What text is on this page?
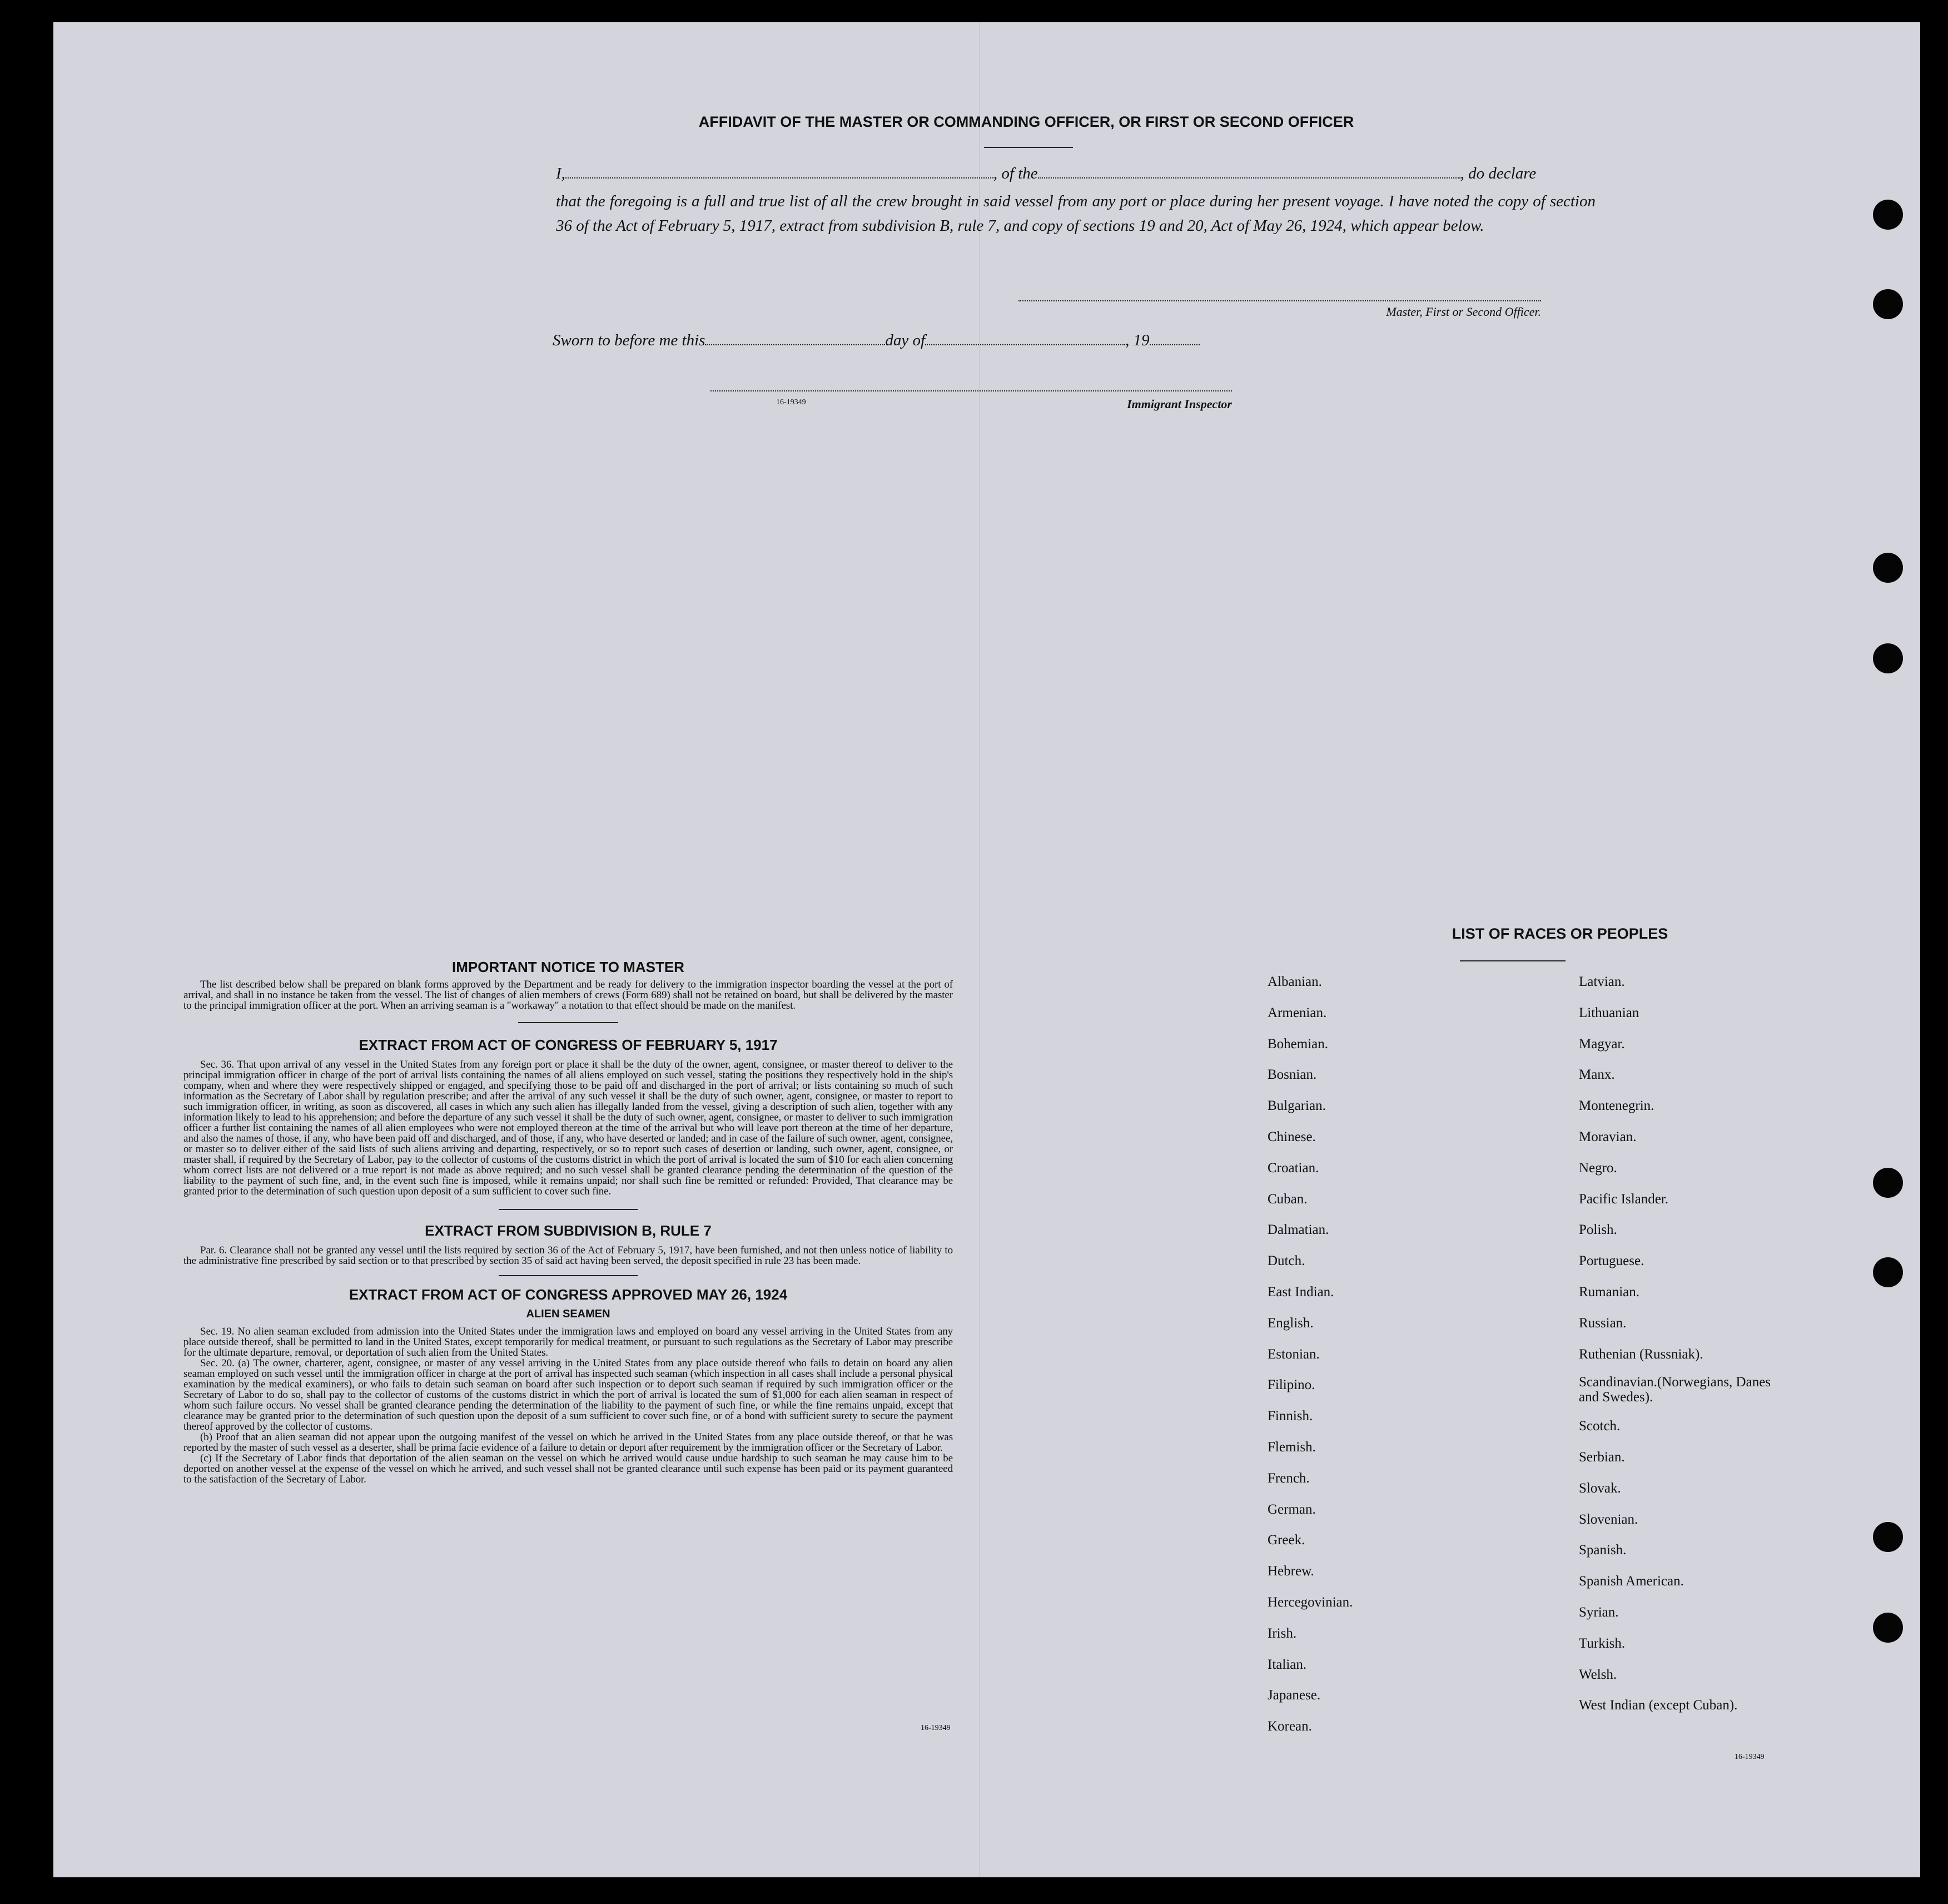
AFFIDAVIT OF THE MASTER OR COMMANDING OFFICER, OR FIRST OR SECOND OFFICER
I,	, of the	, do declare
that the foregoing is a full and true list of all the crew brought in said vessel from any port or place during her present voyage. I have noted the copy of section 36 of the Act of February 5, 1917, extract from subdivision B, rule 7, and copy of sections 19 and 20, Act of May 26, 1924, which appear below.
Master, First or Second Officer.
Sworn to before me this	day of	, 19
16-19349	Immigrant Inspector
IMPORTANT NOTICE TO MASTER
The list described below shall be prepared on blank forms approved by the Department and be ready for delivery to the immigration inspector boarding the vessel at the port of arrival, and shall in no instance be taken from the vessel. The list of changes of alien members of crews (Form 689) shall not be retained on board, but shall be delivered by the master to the principal immigration officer at the port. When an arriving seaman is a "workaway" a notation to that effect should be made on the manifest.
EXTRACT FROM ACT OF CONGRESS OF FEBRUARY 5, 1917
Sec. 36. That upon arrival of any vessel in the United States from any foreign port or place it shall be the duty of the owner, agent, consignee, or master thereof to deliver to the principal immigration officer in charge of the port of arrival lists containing the names of all aliens employed on such vessel, stating the positions they respectively hold in the ship's company, when and where they were respectively shipped or engaged, and specifying those to be paid off and discharged in the port of arrival; or lists containing so much of such information as the Secretary of Labor shall by regulation prescribe; and after the arrival of any such vessel it shall be the duty of such owner, agent, consignee, or master to report to such immigration officer, in writing, as soon as discovered, all cases in which any such alien has illegally landed from the vessel, giving a description of such alien, together with any information likely to lead to his apprehension; and before the departure of any such vessel it shall be the duty of such owner, agent, consignee, or master to deliver to such immigration officer a further list containing the names of all alien employees who were not employed thereon at the time of the arrival but who will leave port thereon at the time of her departure, and also the names of those, if any, who have been paid off and discharged, and of those, if any, who have deserted or landed; and in case of the failure of such owner, agent, consignee, or master so to deliver either of the said lists of such aliens arriving and departing, respectively, or so to report such cases of desertion or landing, such owner, agent, consignee, or master shall, if required by the Secretary of Labor, pay to the collector of customs of the customs district in which the port of arrival is located the sum of $10 for each alien concerning whom correct lists are not delivered or a true report is not made as above required; and no such vessel shall be granted clearance pending the determination of the question of the liability to the payment of such fine, and, in the event such fine is imposed, while it remains unpaid; nor shall such fine be remitted or refunded: Provided, That clearance may be granted prior to the determination of such question upon deposit of a sum sufficient to cover such fine.
EXTRACT FROM SUBDIVISION B, RULE 7
Par. 6. Clearance shall not be granted any vessel until the lists required by section 36 of the Act of February 5, 1917, have been furnished, and not then unless notice of liability to the administrative fine prescribed by said section or to that prescribed by section 35 of said act having been served, the deposit specified in rule 23 has been made.
EXTRACT FROM ACT OF CONGRESS APPROVED MAY 26, 1924
ALIEN SEAMEN
Sec. 19. No alien seaman excluded from admission into the United States under the immigration laws and employed on board any vessel arriving in the United States from any place outside thereof, shall be permitted to land in the United States, except temporarily for medical treatment, or pursuant to such regulations as the Secretary of Labor may prescribe for the ultimate departure, removal, or deportation of such alien from the United States.
Sec. 20. (a) The owner, charterer, agent, consignee, or master of any vessel arriving in the United States from any place outside thereof who fails to detain on board any alien seaman employed on such vessel until the immigration officer in charge at the port of arrival has inspected such seaman (which inspection in all cases shall include a personal physical examination by the medical examiners), or who fails to detain such seaman on board after such inspection or to deport such seaman if required by such immigration officer or the Secretary of Labor to do so, shall pay to the collector of customs of the customs district in which the port of arrival is located the sum of $1,000 for each alien seaman in respect of whom such failure occurs. No vessel shall be granted clearance pending the determination of the liability to the payment of such fine, or while the fine remains unpaid, except that clearance may be granted prior to the determination of such question upon the deposit of a sum sufficient to cover such fine, or of a bond with sufficient surety to secure the payment thereof approved by the collector of customs.
(b) Proof that an alien seaman did not appear upon the outgoing manifest of the vessel on which he arrived in the United States from any place outside thereof, or that he was reported by the master of such vessel as a deserter, shall be prima facie evidence of a failure to detain or deport after requirement by the immigration officer or the Secretary of Labor.
(c) If the Secretary of Labor finds that deportation of the alien seaman on the vessel on which he arrived would cause undue hardship to such seaman he may cause him to be deported on another vessel at the expense of the vessel on which he arrived, and such vessel shall not be granted clearance until such expense has been paid or its payment guaranteed to the satisfaction of the Secretary of Labor.
16-19349
LIST OF RACES OR PEOPLES
16-19349
Albanian.
Armenian.
Bohemian.
Bosnian.
Bulgarian.
Chinese.
Croatian.
Cuban.
Dalmatian.
Dutch.
East Indian.
English.
Estonian.
Filipino.
Finnish.
Flemish.
French.
German.
Greek.
Hebrew.
Hercegovinian.
Irish.
Italian.
Japanese.
Korean.
Latvian.
Lithuanian
Magyar.
Manx.
Montenegrin.
Moravian.
Negro.
Pacific Islander.
Polish.
Portuguese.
Rumanian.
Russian.
Ruthenian (Russniak).
Scandinavian.(Norwegians, Danes and Swedes).
Scotch.
Serbian.
Slovak.
Slovenian.
Spanish.
Spanish American.
Syrian.
Turkish.
Welsh.
West Indian (except Cuban).
